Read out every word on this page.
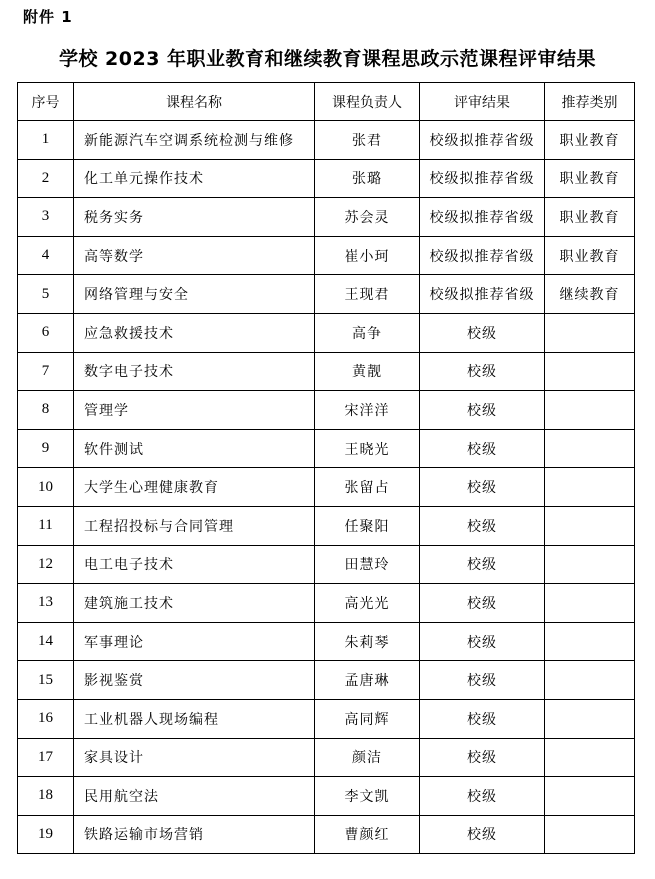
附件 1
学校 2023 年职业教育和继续教育课程思政示范课程评审结果
序号	课程名称	课程负责人	评审结果	推荐类别
1	新能源汽车空调系统检测与维修	张君	校级拟推荐省级	职业教育
2	化工单元操作技术	张璐	校级拟推荐省级	职业教育
3	税务实务	苏会灵	校级拟推荐省级	职业教育
4	高等数学	崔小珂	校级拟推荐省级	职业教育
5	网络管理与安全	王现君	校级拟推荐省级	继续教育
6	应急救援技术	高争	校级	
7	数字电子技术	黄靓	校级	
8	管理学	宋洋洋	校级	
9	软件测试	王晓光	校级	
10	大学生心理健康教育	张留占	校级	
11	工程招投标与合同管理	任聚阳	校级	
12	电工电子技术	田慧玲	校级	
13	建筑施工技术	高光光	校级	
14	军事理论	朱莉琴	校级	
15	影视鉴赏	孟唐琳	校级	
16	工业机器人现场编程	高同辉	校级	
17	家具设计	颜洁	校级	
18	民用航空法	李文凯	校级	
19	铁路运输市场营销	曹颜红	校级	
